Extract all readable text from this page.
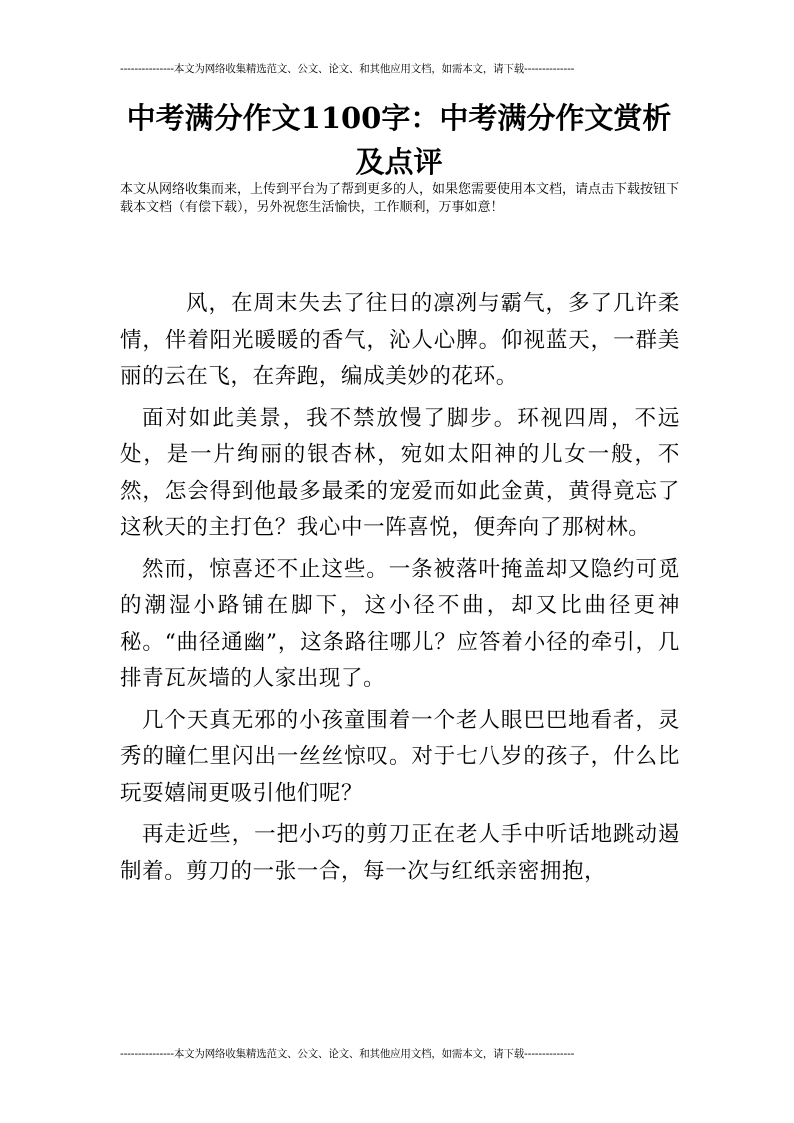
---------------本文为网络收集精选范文、公文、论文、和其他应用文档，如需本文，请下载--------------
中考满分作文1100字：中考满分作文赏析及点评

本文从网络收集而来，上传到平台为了帮到更多的人，如果您需要使用本文档，请点击下载按钮下载本文档（有偿下载），另外祝您生活愉快，工作顺利，万事如意！

风，在周末失去了往日的凛冽与霸气，多了几许柔情，伴着阳光暖暖的香气，沁人心脾。仰视蓝天，一群美丽的云在飞，在奔跑，编成美妙的花环。

面对如此美景，我不禁放慢了脚步。环视四周，不远处，是一片绚丽的银杏林，宛如太阳神的儿女一般，不然，怎会得到他最多最柔的宠爱而如此金黄，黄得竟忘了这秋天的主打色？我心中一阵喜悦，便奔向了那树林。

然而，惊喜还不止这些。一条被落叶掩盖却又隐约可觅的潮湿小路铺在脚下，这小径不曲，却又比曲径更神秘。“曲径通幽”，这条路往哪儿？应答着小径的牵引，几排青瓦灰墙的人家出现了。

几个天真无邪的小孩童围着一个老人眼巴巴地看者，灵秀的瞳仁里闪出一丝丝惊叹。对于七八岁的孩子，什么比玩耍嬉闹更吸引他们呢？

再走近些，一把小巧的剪刀正在老人手中听话地跳动遏制着。剪刀的一张一合，每一次与红纸亲密拥抱，

---------------本文为网络收集精选范文、公文、论文、和其他应用文档，如需本文，请下载--------------
